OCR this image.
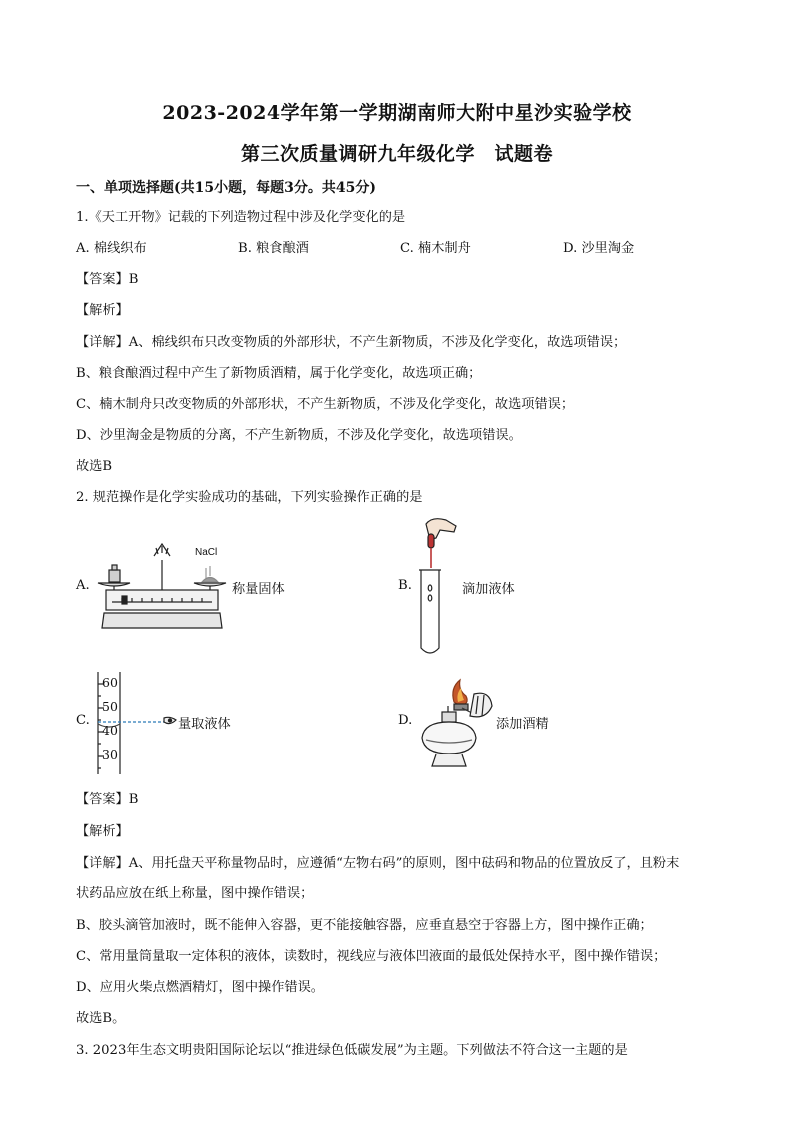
2023-2024学年第一学期湖南师大附中星沙实验学校
第三次质量调研九年级化学　试题卷
一、单项选择题(共15小题，每题3分。共45分)
1.《天工开物》记载的下列造物过程中涉及化学变化的是
A. 棉线织布	B. 粮食酿酒	C. 楠木制舟	D. 沙里淘金
【答案】B
【解析】
【详解】A、棉线织布只改变物质的外部形状，不产生新物质，不涉及化学变化，故选项错误；
B、粮食酿酒过程中产生了新物质酒精，属于化学变化，故选项正确；
C、楠木制舟只改变物质的外部形状，不产生新物质，不涉及化学变化，故选项错误；
D、沙里淘金是物质的分离，不产生新物质，不涉及化学变化，故选项错误。
故选B
2. 规范操作是化学实验成功的基础，下列实验操作正确的是
A.
NaCl
称量固体	B.	滴加液体
C.
60
50
40
30
量取液体	D.	添加酒精
【答案】B
【解析】
【详解】A、用托盘天平称量物品时，应遵循“左物右码”的原则，图中砝码和物品的位置放反了，且粉末
状药品应放在纸上称量，图中操作错误；
B、胶头滴管加液时，既不能伸入容器，更不能接触容器，应垂直悬空于容器上方，图中操作正确；
C、常用量筒量取一定体积的液体，读数时，视线应与液体凹液面的最低处保持水平，图中操作错误；
D、应用火柴点燃酒精灯，图中操作错误。
故选B。
3. 2023年生态文明贵阳国际论坛以“推进绿色低碳发展”为主题。下列做法不符合这一主题的是
